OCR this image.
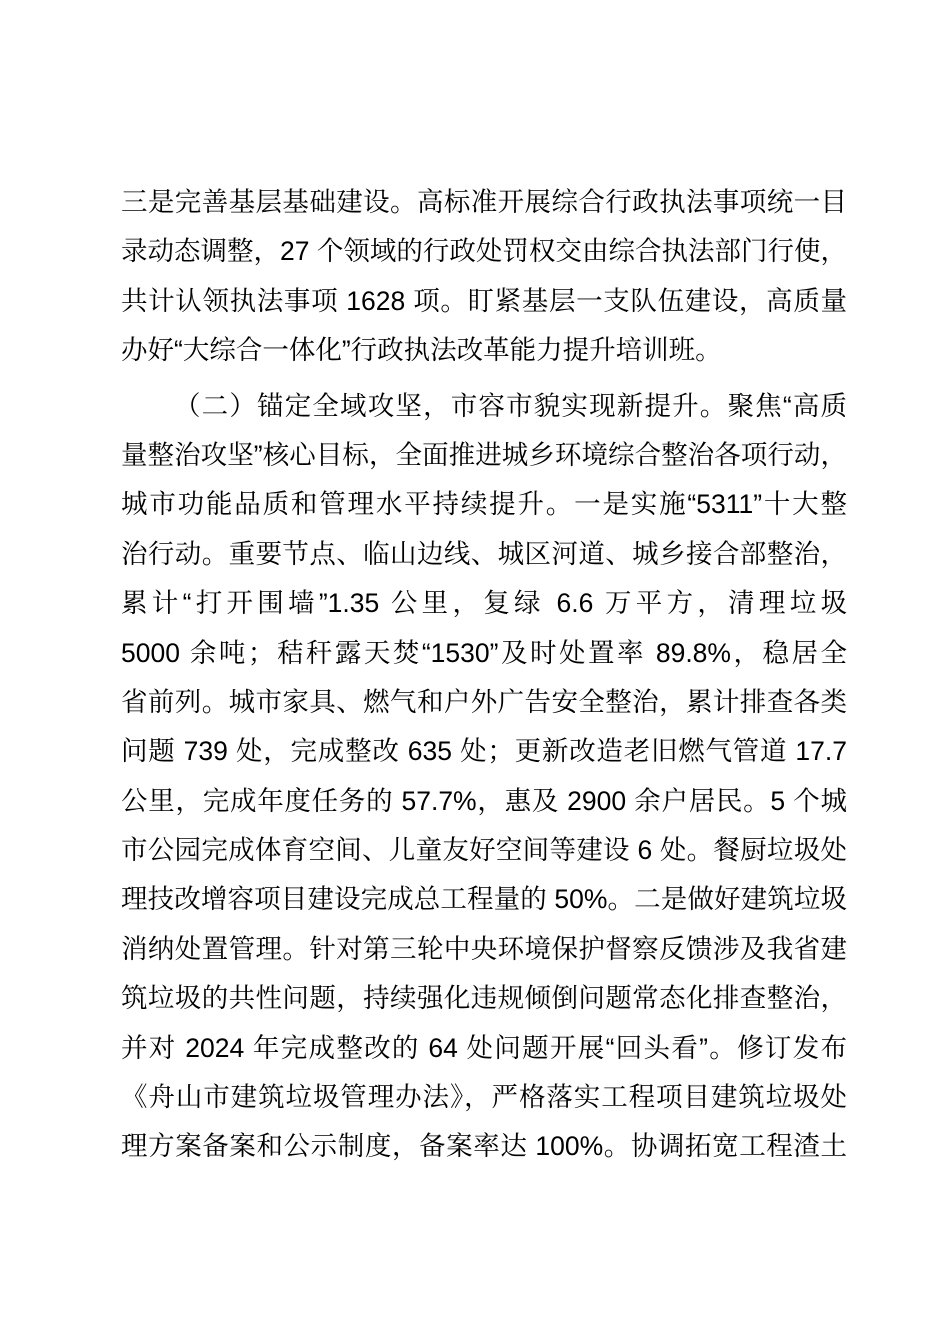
三是完善基层基础建设。高标准开展综合行政执法事项统一目
录动态调整，27 个领域的行政处罚权交由综合执法部门行使，
共计认领执法事项 1628 项。盯紧基层一支队伍建设，高质量
办好“大综合一体化”行政执法改革能力提升培训班。
（二）锚定全域攻坚，市容市貌实现新提升。聚焦“高质
量整治攻坚”核心目标，全面推进城乡环境综合整治各项行动，
城市功能品质和管理水平持续提升。一是实施“5311”十大整
治行动。重要节点、临山边线、城区河道、城乡接合部整治，
累计“打开围墙”1.35 公里，复绿 6.6 万平方，清理垃圾
5000 余吨；秸秆露天焚“1530”及时处置率 89.8%，稳居全
省前列。城市家具、燃气和户外广告安全整治，累计排查各类
问题 739 处，完成整改 635 处；更新改造老旧燃气管道 17.7
公里，完成年度任务的 57.7%，惠及 2900 余户居民。5 个城
市公园完成体育空间、儿童友好空间等建设 6 处。餐厨垃圾处
理技改增容项目建设完成总工程量的 50%。二是做好建筑垃圾
消纳处置管理。针对第三轮中央环境保护督察反馈涉及我省建
筑垃圾的共性问题，持续强化违规倾倒问题常态化排查整治，
并对 2024 年完成整改的 64 处问题开展“回头看”。修订发布
《舟山市建筑垃圾管理办法》，严格落实工程项目建筑垃圾处
理方案备案和公示制度，备案率达 100%。协调拓宽工程渣土
